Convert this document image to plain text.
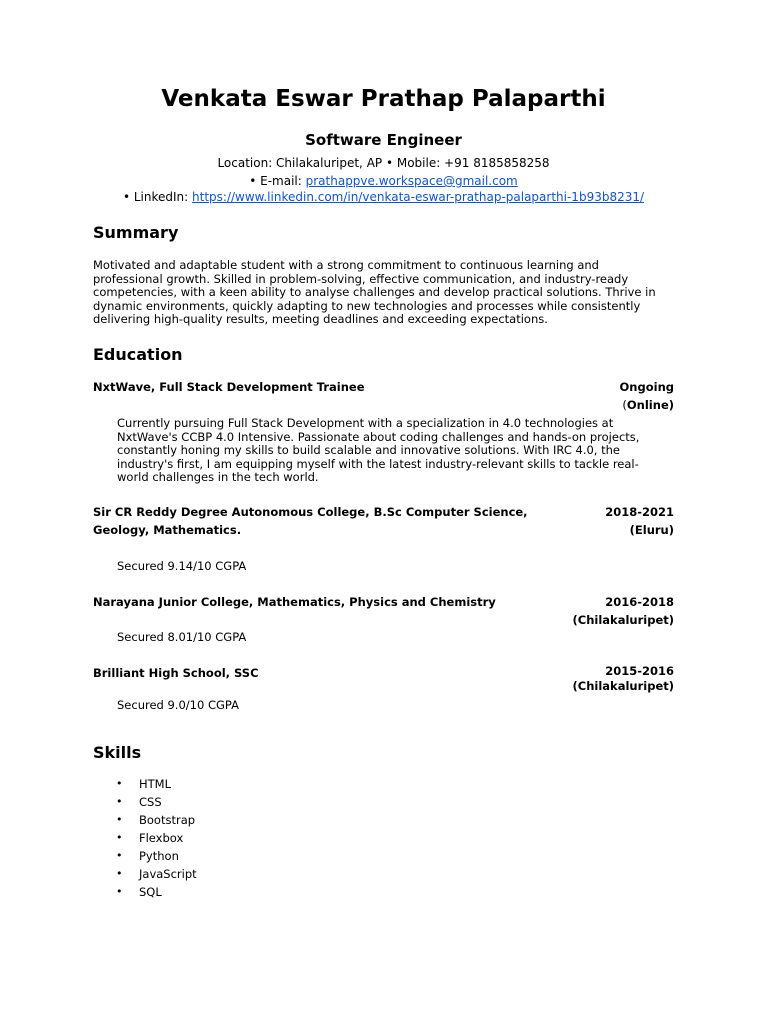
Venkata Eswar Prathap Palaparthi
Software Engineer
Location: Chilakaluripet, AP • Mobile: +91 8185858258
• E-mail: prathappve.workspace@gmail.com
• LinkedIn: https://www.linkedin.com/in/venkata-eswar-prathap-palaparthi-1b93b8231/
Summary
Motivated and adaptable student with a strong commitment to continuous learning and
professional growth. Skilled in problem-solving, effective communication, and industry-ready
competencies, with a keen ability to analyse challenges and develop practical solutions. Thrive in
dynamic environments, quickly adapting to new technologies and processes while consistently
delivering high-quality results, meeting deadlines and exceeding expectations.
Education
NxtWave, Full Stack Development Trainee	Ongoing
(Online)
Currently pursuing Full Stack Development with a specialization in 4.0 technologies at
NxtWave's CCBP 4.0 Intensive. Passionate about coding challenges and hands-on projects,
constantly honing my skills to build scalable and innovative solutions. With IRC 4.0, the
industry's first, I am equipping myself with the latest industry-relevant skills to tackle real-
world challenges in the tech world.
Sir CR Reddy Degree Autonomous College, B.Sc Computer Science,
Geology, Mathematics.
2018-2021
(Eluru)
Secured 9.14/10 CGPA
Narayana Junior College, Mathematics, Physics and Chemistry	2016-2018
(Chilakaluripet)
Secured 8.01/10 CGPA
Brilliant High School, SSC	2015-2016
(Chilakaluripet)
Secured 9.0/10 CGPA
Skills
• HTML
• CSS
• Bootstrap
• Flexbox
• Python
• JavaScript
• SQL
